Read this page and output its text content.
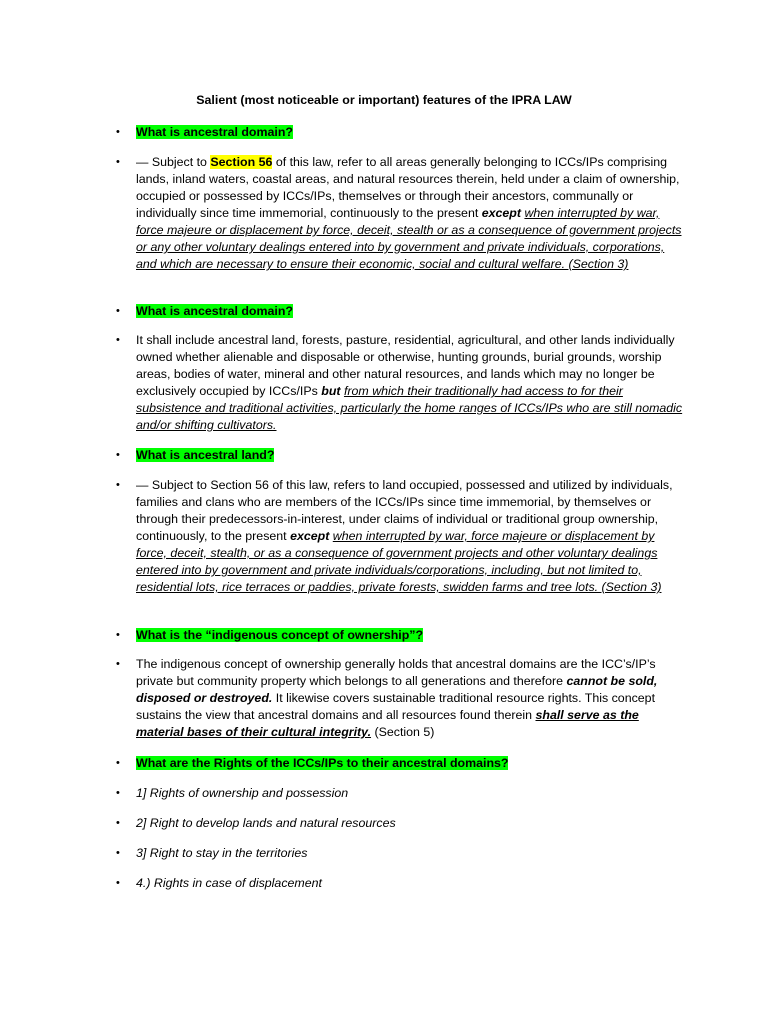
Salient (most noticeable or important) features of the IPRA LAW
•	What is ancestral domain?
•	— Subject to Section 56 of this law, refer to all areas generally belonging to ICCs/IPs comprising lands, inland waters, coastal areas, and natural resources therein, held under a claim of ownership, occupied or possessed by ICCs/IPs, themselves or through their ancestors, communally or individually since time immemorial, continuously to the present except when interrupted by war, force majeure or displacement by force, deceit, stealth or as a consequence of government projects or any other voluntary dealings entered into by government and private individuals, corporations, and which are necessary to ensure their economic, social and cultural welfare. (Section 3)
•	What is ancestral domain?
•	It shall include ancestral land, forests, pasture, residential, agricultural, and other lands individually owned whether alienable and disposable or otherwise, hunting grounds, burial grounds, worship areas, bodies of water, mineral and other natural resources, and lands which may no longer be exclusively occupied by ICCs/IPs but from which their traditionally had access to for their subsistence and traditional activities, particularly the home ranges of ICCs/IPs who are still nomadic and/or shifting cultivators.
•	What is ancestral land?
•	— Subject to Section 56 of this law, refers to land occupied, possessed and utilized by individuals, families and clans who are members of the ICCs/IPs since time immemorial, by themselves or through their predecessors-in-interest, under claims of individual or traditional group ownership, continuously, to the present except when interrupted by war, force majeure or displacement by force, deceit, stealth, or as a consequence of government projects and other voluntary dealings entered into by government and private individuals/corporations, including, but not limited to, residential lots, rice terraces or paddies, private forests, swidden farms and tree lots. (Section 3)
•	What is the “indigenous concept of ownership”?
•	The indigenous concept of ownership generally holds that ancestral domains are the ICC’s/IP’s private but community property which belongs to all generations and therefore cannot be sold, disposed or destroyed. It likewise covers sustainable traditional resource rights. This concept sustains the view that ancestral domains and all resources found therein shall serve as the material bases of their cultural integrity. (Section 5)
•	What are the Rights of the ICCs/IPs to their ancestral domains?
•	1] Rights of ownership and possession
•	2] Right to develop lands and natural resources
•	3] Right to stay in the territories
•	4.) Rights in case of displacement
